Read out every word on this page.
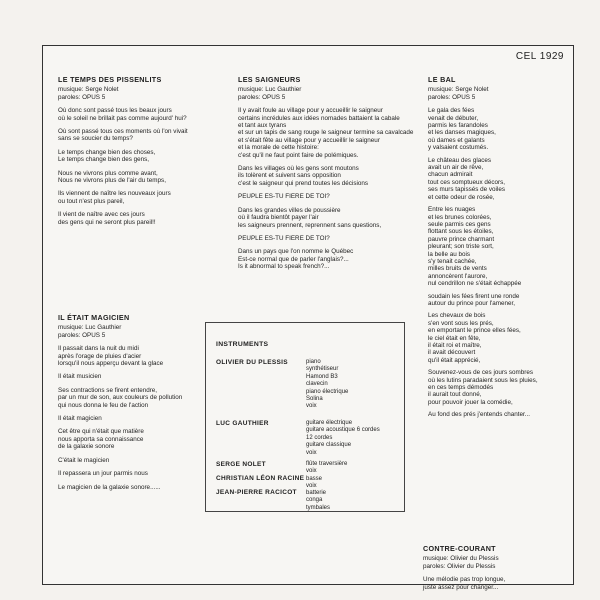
CEL 1929

LE TEMPS DES PISSENLITS

musique: Serge Nolet

paroles: OPUS 5

Où donc sont passé tous les beaux jours
où le soleil ne brillait pas comme aujourd' hui?

Où sont passé tous ces moments où l'on vivait
sans se soucier du temps?

Le temps change bien des choses,
Le temps change bien des gens,

Nous ne vivrons plus comme avant,
Nous ne vivrons plus de l'air du temps,

Ils viennent de naître les nouveaux jours
ou tout n'est plus pareil,

Il vient de naître avec ces jours
des gens qui ne seront plus pareil!!

LES SAIGNEURS

musique: Luc Gauthier

paroles: OPUS 5

Il y avait foule au village pour y accueillir le saigneur
certains incrédules aux idées nomades battaient la cabale
et tant aux tyrans
et sur un tapis de sang rouge le saigneur termine sa cavalcade
et s'était fête au village pour y accueillir le saigneur
et la morale de cette histoire:
c'est qu'il ne faut point faire de polémiques.

Dans les villages où les gens sont moutons
ils tolèrent et suivent sans opposition
c'est le saigneur qui prend toutes les décisions

PEUPLE ES-TU FIERE DE TOI?

Dans les grandes villes de poussière
où il faudra bientôt payer l'air
les saigneurs prennent, reprennent sans questions,

PEUPLE ES-TU FIERE DE TOI?

Dans un pays que l'on nomme le Québec
Est-ce normal que de parler l'anglais?...
Is it abnormal to speak french?...

LE BAL

musique: Serge Nolet

paroles: OPUS 5

Le gala des fées
venait de débuter,
parmis les farandoles
et les danses magiques,
où dames et galants
y valsaient costumés.

Le château des glaces
avait un air de rêve,
chacun admirait
tout ces somptueux décors,
ses murs tapissés de voiles
et cette odeur de rosée,

Entre les nuages
et les brunes colorées,
seule parmis ces gens
flottant sous les étoiles,
pauvre prince charmant
pleurant; son triste sort,
la belle au bois
s'y tenait cachée,
milles bruits de vents
annoncèrent l'aurore,
nul cendrillon ne s'était échappée

soudain les fées firent une ronde
autour du prince pour l'amener,

Les chevaux de bois
s'en vont sous les prés,
en emportant le prince elles fées,
le ciel était en fête,
il était roi et maître,
il avait découvert
qu'il était apprécié,

Souvenez-vous de ces jours sombres
où les lutins paradaient sous les pluies,
en ces temps démodés
il aurait tout donné,
pour pouvoir jouer la comédie,

Au fond des prés j'entends chanter...

IL ÉTAIT MAGICIEN

musique: Luc Gauthier

paroles: OPUS 5

Il passait dans la nuit du midi
après l'orage de pluies d'acier
lorsqu'il nous apperçu devant la glace

Il était musicien

Ses contractions se firent entendre,
par un mur de son, aux couleurs de pollution
qui nous donna le feu de l'action

Il était magicien

Cet être qui n'était que matière
nous apporta sa connaissance
de la galaxie sonore

C'était le magicien

Il repassera un jour parmis nous

Le magicien de la galaxie sonore......

CONTRE-COURANT

musique: Olivier du Plessis

paroles: Olivier du Plessis

Une mélodie pas trop longue,
juste assez pour changer...

INSTRUMENTS
OLIVIER DU PLESSIS	piano
synthétiseur
Hamond B3
clavecin
piano électrique
Solina
voix
LUC GAUTHIER	guitare électrique
guitare acoustique 6 cordes
12 cordes
guitare classique
voix
SERGE NOLET	flûte traversière
voix
CHRISTIAN LÉON RACINE basse
voix
JEAN-PIERRE RACICOT batterie
conga
tymbales
